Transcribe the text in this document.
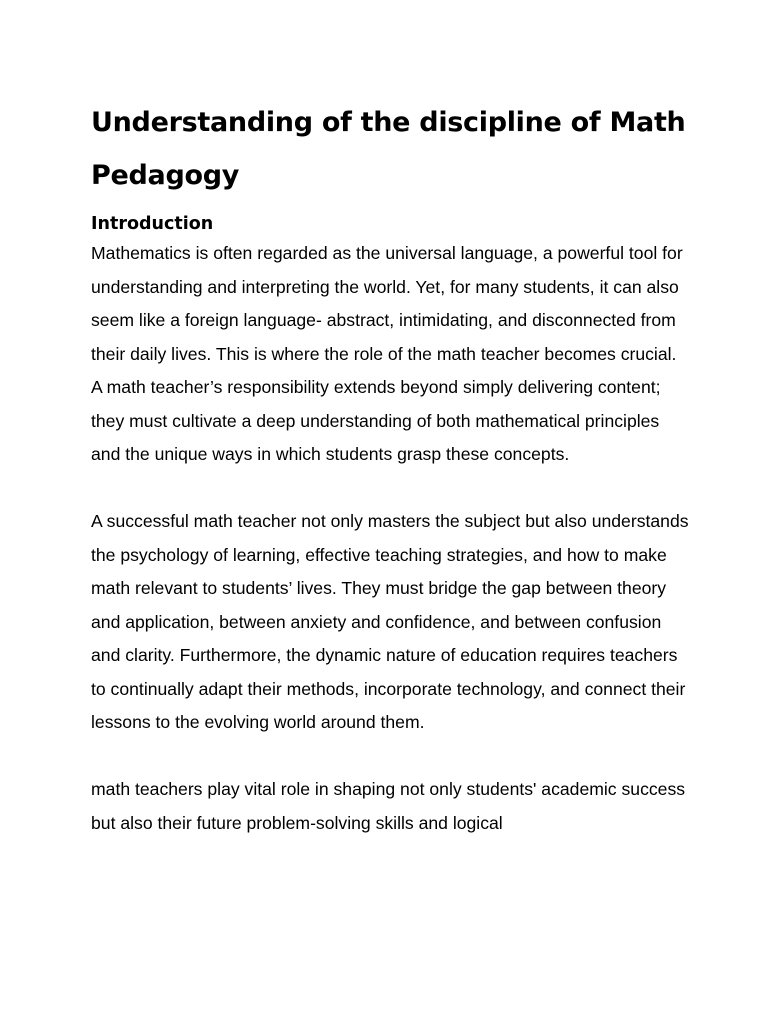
Understanding of the discipline of Math Pedagogy
Introduction

Mathematics is often regarded as the universal language, a powerful tool for understanding and interpreting the world. Yet, for many students, it can also seem like a foreign language- abstract, intimidating, and disconnected from their daily lives. This is where the role of the math teacher becomes crucial. A math teacher’s responsibility extends beyond simply delivering content; they must cultivate a deep understanding of both mathematical principles and the unique ways in which students grasp these concepts.

A successful math teacher not only masters the subject but also understands the psychology of learning, effective teaching strategies, and how to make math relevant to students’ lives. They must bridge the gap between theory and application, between anxiety and confidence, and between confusion and clarity. Furthermore, the dynamic nature of education requires teachers to continually adapt their methods, incorporate technology, and connect their lessons to the evolving world around them.

math teachers play vital role in shaping not only students' academic success but also their future problem-solving skills and logical
